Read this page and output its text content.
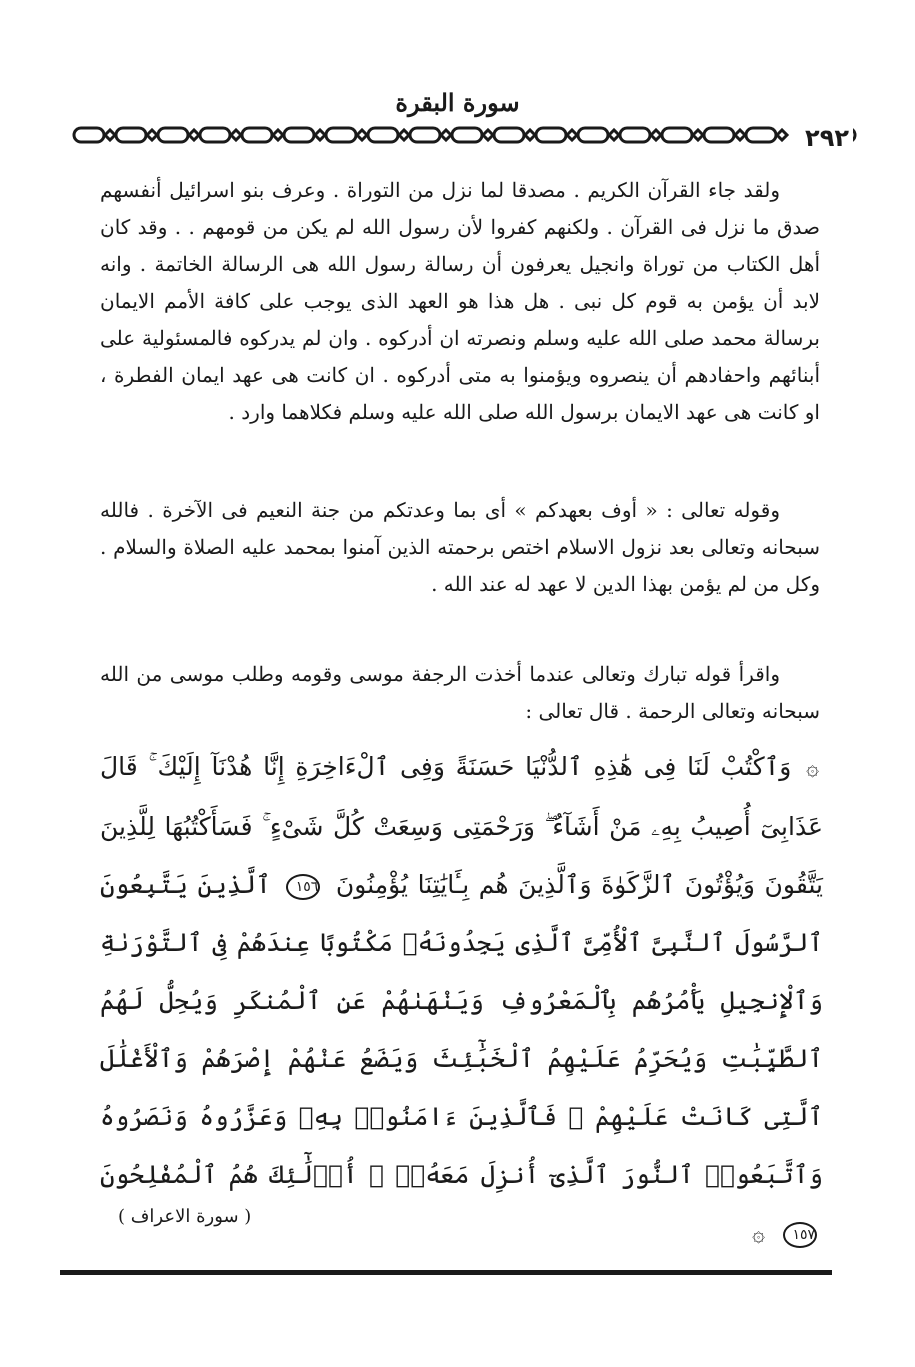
سورة البقرة
٢٩٢

ولقد جاء القرآن الكريم . مصدقا لما نزل من التوراة . وعرف بنو اسرائيل أنفسهم صدق ما نزل فى القرآن . ولكنهم كفروا لأن رسول الله لم يكن من قومهم . . وقد كان أهل الكتاب من توراة وانجيل يعرفون أن رسالة رسول الله هى الرسالة الخاتمة . وانه لابد أن يؤمن به قوم كل نبى . هل هذا هو العهد الذى يوجب على كافة الأمم الايمان برسالة محمد صلى الله عليه وسلم ونصرته ان أدركوه . وان لم يدركوه فالمسئولية على أبنائهم واحفادهم أن ينصروه ويؤمنوا به متى أدركوه . ان كانت هى عهد ايمان الفطرة ، او كانت هى عهد الايمان برسول الله صلى الله عليه وسلم فكلاهما وارد .

وقوله تعالى : « أوف بعهدكم » أى بما وعدتكم من جنة النعيم فى الآخرة . فالله سبحانه وتعالى بعد نزول الاسلام اختص برحمته الذين آمنوا بمحمد عليه الصلاة والسلام . وكل من لم يؤمن بهذا الدين لا عهد له عند الله .

واقرأ قوله تبارك وتعالى عندما أخذت الرجفة موسى وقومه وطلب موسى من الله سبحانه وتعالى الرحمة . قال تعالى :

۞ وَٱكْتُبْ لَنَا فِى هَٰذِهِ ٱلدُّنْيَا حَسَنَةً وَفِى ٱلْءَاخِرَةِ إِنَّا هُدْنَآ إِلَيْكَ ۚ قَالَ عَذَابِىٓ أُصِيبُ بِهِۦ مَنْ أَشَآءُ ۖ وَرَحْمَتِى وَسِعَتْ كُلَّ شَىْءٍ ۚ فَسَأَكْتُبُهَا لِلَّذِينَ يَتَّقُونَ وَيُؤْتُونَ ٱلزَّكَوٰةَ وَٱلَّذِينَ هُم بِـَٔايَٰتِنَا يُؤْمِنُونَ ١٥٦ ٱلَّذِينَ يَتَّبِعُونَ ٱلرَّسُولَ ٱلنَّبِىَّ ٱلْأُمِّىَّ ٱلَّذِى يَجِدُونَهُۥ مَكْتُوبًا عِندَهُمْ فِى ٱلتَّوْرَىٰةِ وَٱلْإِنجِيلِ يَأْمُرُهُم بِٱلْمَعْرُوفِ وَيَنْهَىٰهُمْ عَنِ ٱلْمُنكَرِ وَيُحِلُّ لَهُمُ ٱلطَّيِّبَٰتِ وَيُحَرِّمُ عَلَيْهِمُ ٱلْخَبَٰٓئِثَ وَيَضَعُ عَنْهُمْ إِصْرَهُمْ وَٱلْأَغْلَٰلَ ٱلَّتِى كَانَتْ عَلَيْهِمْ ۚ فَٱلَّذِينَ ءَامَنُوا۟ بِهِۦ وَعَزَّرُوهُ وَنَصَرُوهُ وَٱتَّبَعُوا۟ ٱلنُّورَ ٱلَّذِىٓ أُنزِلَ مَعَهُۥٓ ۙ أُو۟لَٰٓئِكَ هُمُ ٱلْمُفْلِحُونَ ١٥٧ ۞

( سورة الاعراف )
